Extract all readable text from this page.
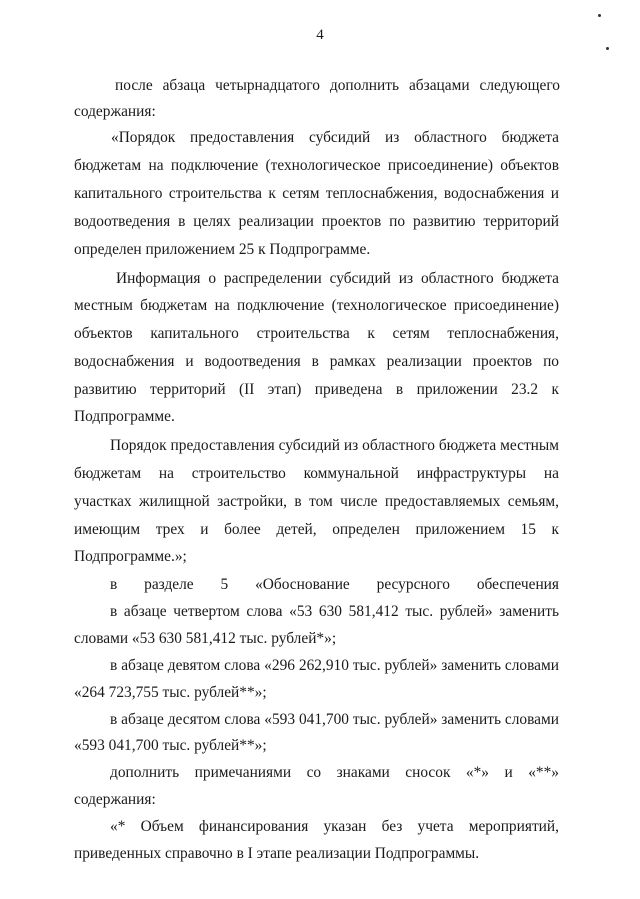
4
после абзаца четырнадцатого дополнить абзацами следующего
содержания:
«Порядок предоставления субсидий из областного бюджета
бюджетам на подключение (технологическое присоединение) объектов
капитального строительства к сетям теплоснабжения, водоснабжения и
водоотведения в целях реализации проектов по развитию территорий
определен приложением 25 к Подпрограмме.
Информация о распределении субсидий из областного бюджета
местным бюджетам на подключение (технологическое присоединение)
объектов капитального строительства к сетям теплоснабжения,
водоснабжения и водоотведения в рамках реализации проектов по
развитию территорий (II этап) приведена в приложении 23.2 к
Подпрограмме.
Порядок предоставления субсидий из областного бюджета местным
бюджетам на строительство коммунальной инфраструктуры на
участках жилищной застройки, в том числе предоставляемых семьям,
имеющим трех и более детей, определен приложением 15 к
Подпрограмме.»;
в разделе 5 «Обоснование ресурсного обеспечения
в абзаце четвертом слова «53 630 581,412 тыс. рублей» заменить
словами «53 630 581,412 тыс. рублей*»;
в абзаце девятом слова «296 262,910 тыс. рублей» заменить словами
«264 723,755 тыс. рублей**»;
в абзаце десятом слова «593 041,700 тыс. рублей» заменить словами
«593 041,700 тыс. рублей**»;
дополнить примечаниями со знаками сносок «*» и «**»
содержания:
«* Объем финансирования указан без учета мероприятий,
приведенных справочно в I этапе реализации Подпрограммы.
